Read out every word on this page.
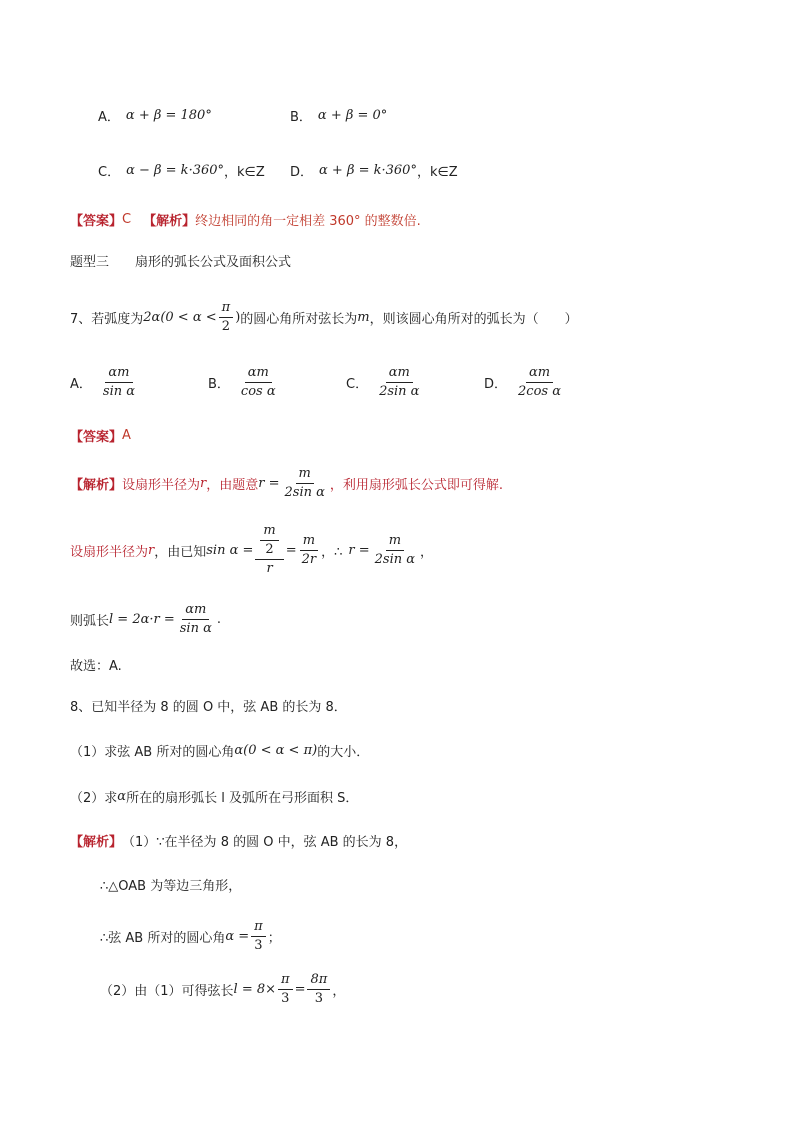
A． α + β = 180°	B． α + β = 0°
C． α − β = k·360° ，k∈Z D． α + β = k·360° ，k∈Z
【答案】 C 【解析】 终边相同的角一定相差 360° 的整数倍.
题型三　　扇形的弧长公式及面积公式
7、若弧度为 $2\alpha(0 < \alpha < \frac{\pi}{2}$ ) 的圆心角所对弦长为 m ，则该圆心角所对的弧长为（　　）
A． $\frac{\alpha m}{\text{sin α}}$	B． $\frac{\alpha m}{\text{cos α}}$	C． $\frac{\alpha m}{\text{2sin α}}$	D． $\frac{\alpha m}{\text{2cos α}}$
【答案】 A
【解析】 设扇形半径为 r ，由题意 $r = \frac{m}{\text{2sin α}}$ ，利用扇形弧长公式即可得解.
设扇形半径为 r ，由已知 $\sin \alpha = \frac{\frac{m}{2}}{r} = \frac{m}{2r}$ ，∴ $r = \frac{m}{\text{2sin α}}$ ，
则弧长 $l = 2\alpha\cdot r = \frac{\alpha m}{\text{sin α}}$ .
故选：A.
8、已知半径为 8 的圆 O 中，弦 AB 的长为 8．
（1）求弦 AB 所对的圆心角 α(0 < α < π) 的大小．
（2）求 α 所在的扇形弧长 l 及弧所在弓形面积 S．
【解析】 （1）∵在半径为 8 的圆 O 中，弦 AB 的长为 8，
∴△OAB 为等边三角形，
∴弦 AB 所对的圆心角 $\alpha = \frac{\pi}{3}$ ；
（2）由（1）可得弦长 $l = 8\times \frac{\pi}{3} = \frac{8\pi}{3}$ ，
